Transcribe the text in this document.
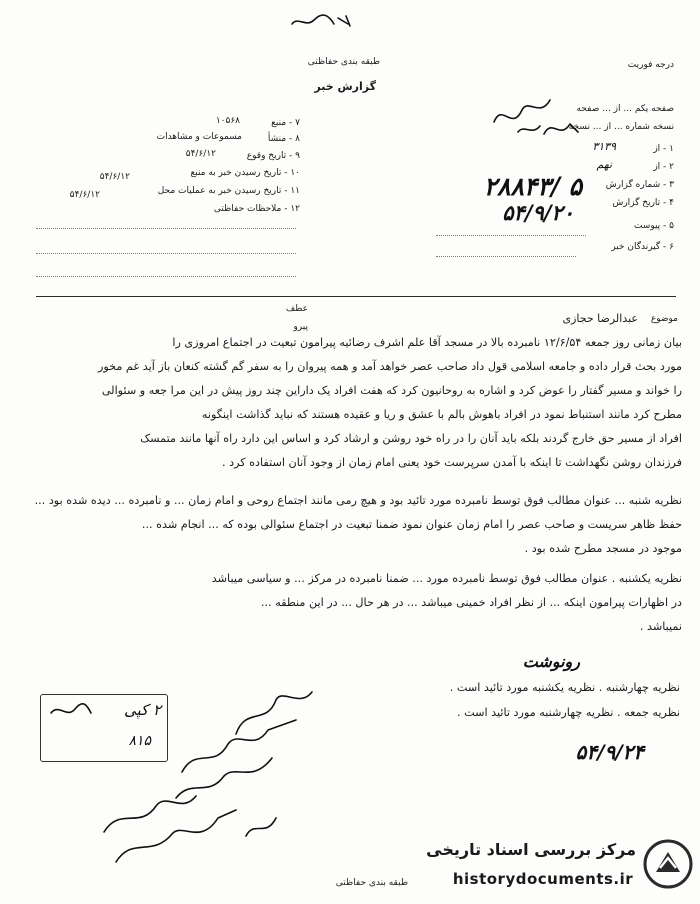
طبقه بندی حفاظتی
گزارش خبر
درجه فوریت
صفحه یکم ... از ... صفحه
نسخه شماره ... از ... نسخه
۱ - از
۳۱۳۹
۲ - از
نهم
۳ - شماره گزارش
۴ - تاریخ گزارش
۵ - پیوست
۶ - گیرندگان خبر
۲۸۸۴۳/ ۵
۵۴/۹/۲۰
۷ - منبع
۱۰۵۶۸
۸ - منشأ
مسموعات و مشاهدات
۹ - تاریخ وقوع
۵۴/۶/۱۲
۱۰ - تاریخ رسیدن خبر به منبع
۵۴/۶/۱۲
۱۱ - تاریخ رسیدن خبر به عملیات محل
۵۴/۶/۱۲
۱۲ - ملاحظات حفاظتی
عطف
پیرو
موضوع
عبدالرضا حجازی
بیان زمانی روز جمعه ۱۲/۶/۵۴ نامبرده بالا در مسجد آقا علم اشرف رضائیه پیرامون تبعیت در اجتماع امروزی را
مورد بحث قرار داده و جامعه اسلامی قول داد صاحب عصر خواهد آمد و همه پیروان را به سفر گم گشته کنعان باز آید غم مخور
را خواند و مسیر گفتار را عوض کرد و اشاره به روحانیون کرد که هفت افراد یک داراین چند روز پیش در این مرا جعه و سئوالی
مطرح کرد مانند استنباط نمود در افراد باهوش بالم با عشق و ریا و عقیده هستند که نباید گذاشت اینگونه
افراد از مسیر حق خارج گردند بلکه باید آنان را در راه خود روشن و ارشاد کرد و اساس این دارد راه آنها مانند متمسک
فرزندان روشن نگهداشت تا اینکه با آمدن سرپرست خود یعنی امام زمان از وجود آنان استفاده کرد .
نظریه شنبه ... عنوان مطالب فوق توسط نامبرده مورد تائید بود و هیچ رمی مانند اجتماع روحی و امام زمان ... و نامبرده ... دیده شده بود ...
حفظ ظاهر سریست و صاحب عصر را امام زمان عنوان نمود ضمنا تبعیت در اجتماع سئوالی بوده که ... انجام شده ...
موجود در مسجد مطرح شده بود .
نظریه یکشنبه . عنوان مطالب فوق توسط نامبرده مورد ... ضمنا نامبرده در مرکز ... و سیاسی میباشد
در اظهارات پیرامون اینکه ... از نظر افراد خمینی میباشد ... در هر حال ... در این منطقه ...
نمیباشد .
رونوشت
نظریه چهارشنبه . نظریه یکشنبه مورد تائید است .
نظریه جمعه . نظریه چهارشنبه مورد تائید است .
۵۴/۹/۲۴
۲ کپی
۸۱۵
طبقه بندی حفاظتی
مرکز بررسی اسناد تاریخی
historydocuments.ir
